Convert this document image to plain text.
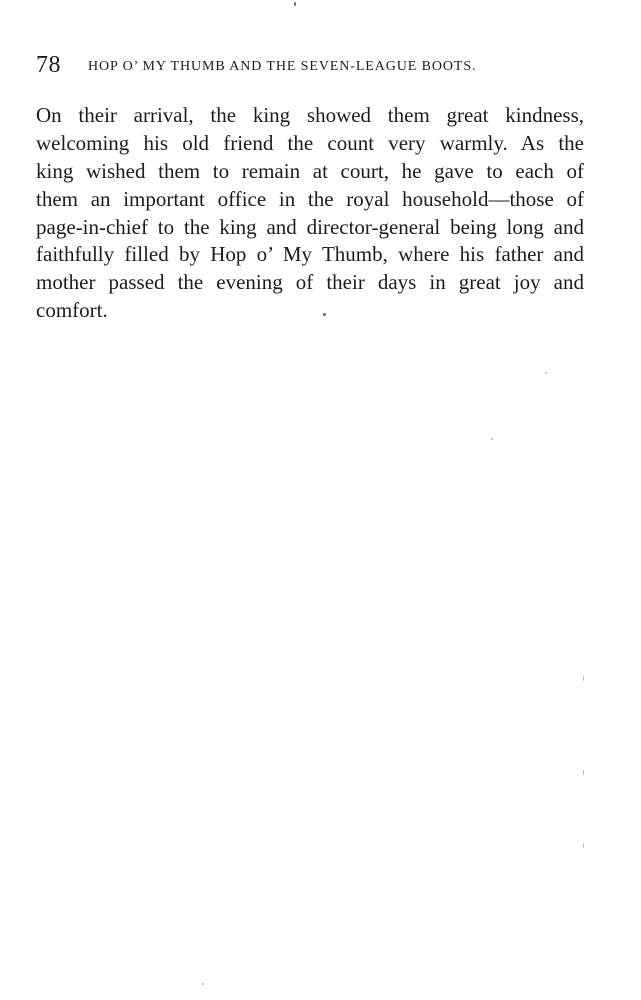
78 HOP O’ MY THUMB AND THE SEVEN-LEAGUE BOOTS.
On their arrival, the king showed them great kindness,
welcoming his old friend the count very warmly. As the
king wished them to remain at court, he gave to each of
them an important office in the royal household—those of
page-in-chief to the king and director-general being long and
faithfully filled by Hop o’ My Thumb, where his father and
mother passed the evening of their days in great joy and
comfort.
